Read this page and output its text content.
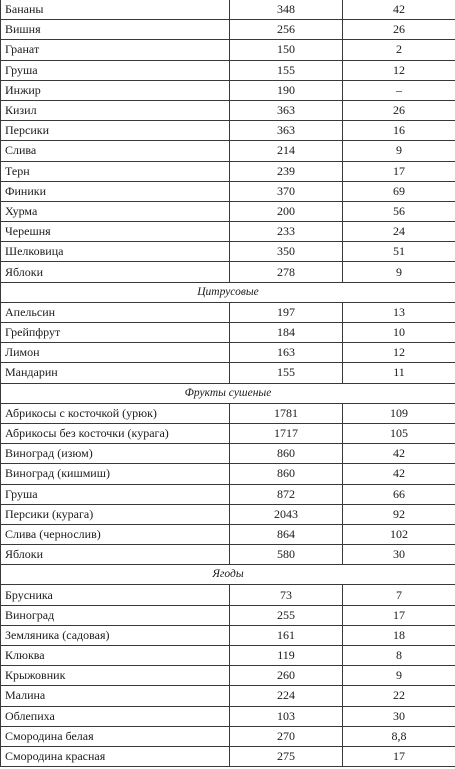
Бананы	348	42
Вишня	256	26
Гранат	150	2
Груша	155	12
Инжир	190	–
Кизил	363	26
Персики	363	16
Слива	214	9
Терн	239	17
Финики	370	69
Хурма	200	56
Черешня	233	24
Шелковица	350	51
Яблоки	278	9
Цитрусовые		
Апельсин	197	13
Грейпфрут	184	10
Лимон	163	12
Мандарин	155	11
Фрукты сушеные		
Абрикосы с косточкой (урюк)	1781	109
Абрикосы без косточки (курага)	1717	105
Виноград (изюм)	860	42
Виноград (кишмиш)	860	42
Груша	872	66
Персики (курага)	2043	92
Слива (чернослив)	864	102
Яблоки	580	30
Ягоды		
Брусника	73	7
Виноград	255	17
Земляника (садовая)	161	18
Клюква	119	8
Крыжовник	260	9
Малина	224	22
Облепиха	103	30
Смородина белая	270	8,8
Смородина красная	275	17
